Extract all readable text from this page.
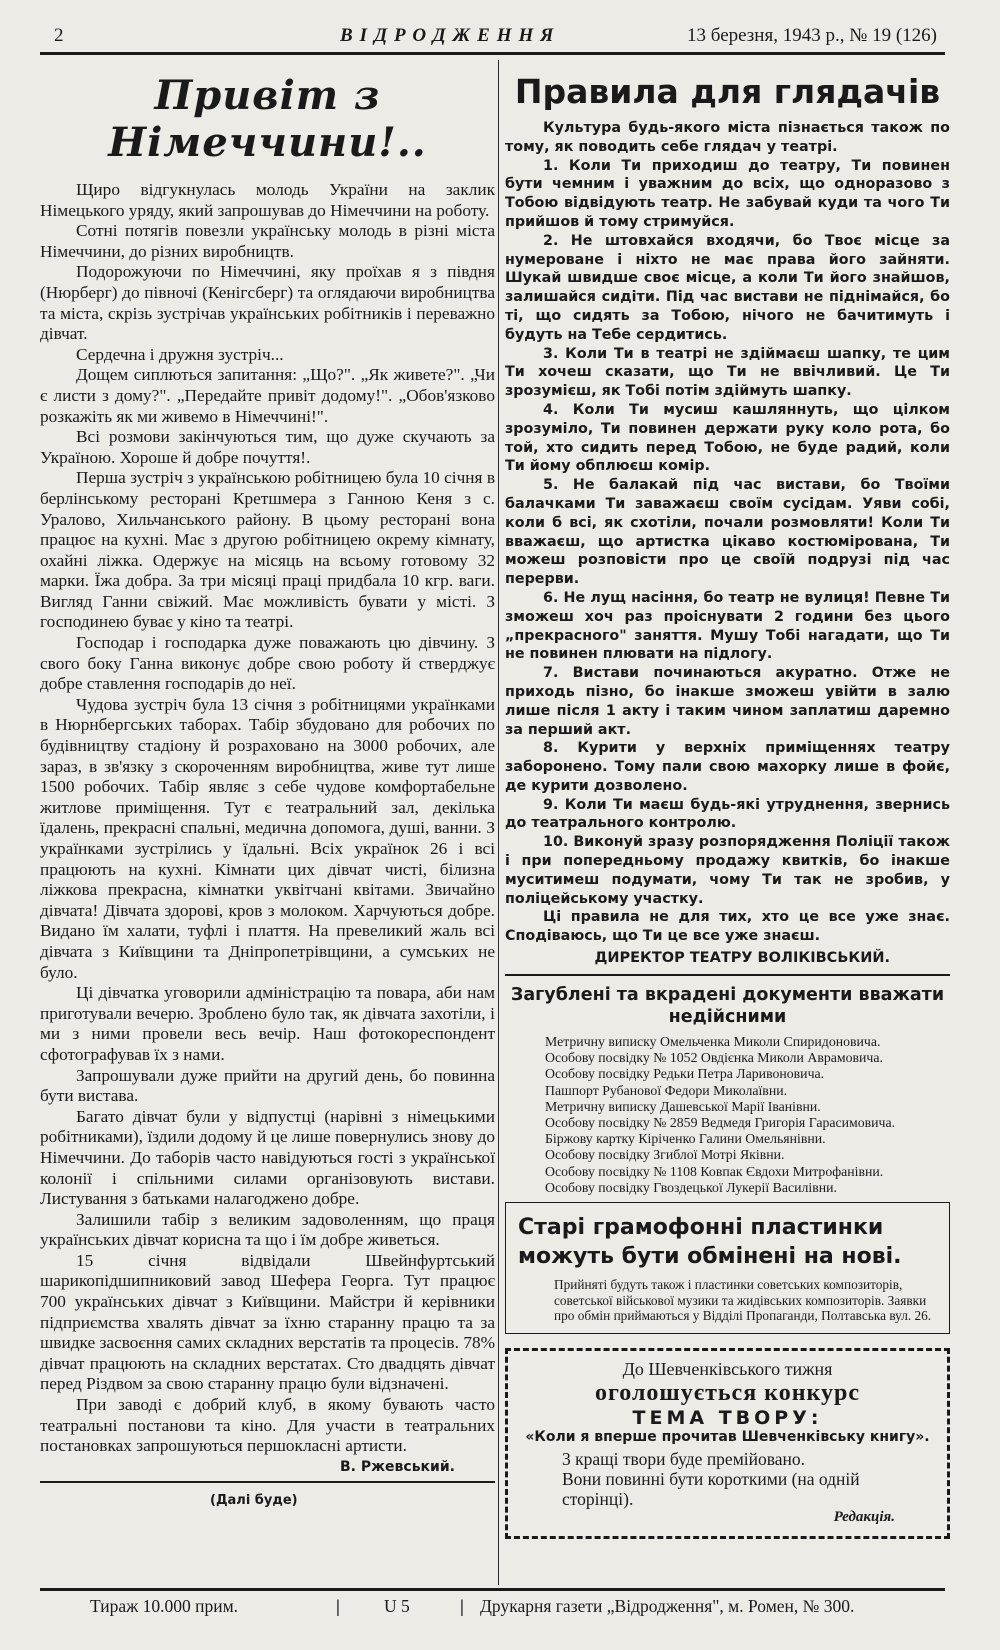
2	ВІДРОДЖЕННЯ	13 березня, 1943 р., № 19 (126)
Привіт з Німеччини!..

Щиро відгукнулась молодь України на заклик Німецького уряду, який запрошував до Німеччини на роботу.

Сотні потягів повезли українську молодь в різні міста Німеччини, до різних виробництв.

Подорожуючи по Німеччині, яку проїхав я з півдня (Нюрберг) до півночі (Кенігсберг) та оглядаючи виробництва та міста, скрізь зустрічав українських робітників і переважно дівчат.

Сердечна і дружня зустріч...

Дощем сиплються запитання: „Що?". „Як живете?". „Чи є листи з дому?". „Передайте привіт додому!". „Обов'язково розкажіть як ми живемо в Німеччині!".

Всі розмови закінчуються тим, що дуже скучають за Україною. Хороше й добре почуття!.

Перша зустріч з українською робітницею була 10 січня в берлінському ресторані Кретшмера з Ганною Кеня з с. Уралово, Хильчанського району. В цьому ресторані вона працює на кухні. Має з другою робітницею окрему кімнату, охайні ліжка. Одержує на місяць на всьому готовому 32 марки. Їжа добра. За три місяці праці придбала 10 кгр. ваги. Вигляд Ганни свіжий. Має можливість бувати у місті. З господинею буває у кіно та театрі.

Господар і господарка дуже поважають цю дівчину. З свого боку Ганна виконує добре свою роботу й стверджує добре ставлення господарів до неї.

Чудова зустріч була 13 січня з робітницями українками в Нюрнбергських таборах. Табір збудовано для робочих по будівництву стадіону й розраховано на 3000 робочих, але зараз, в зв'язку з скороченням виробництва, живе тут лише 1500 робочих. Табір являє з себе чудове комфортабельне житлове приміщення. Тут є театральний зал, декілька їдалень, прекрасні спальні, медична допомога, душі, ванни. З українками зустрілись у їдальні. Всіх українок 26 і всі працюють на кухні. Кімнати цих дівчат чисті, білизна ліжкова прекрасна, кімнатки уквітчані квітами. Звичайно дівчата! Дівчата здорові, кров з молоком. Харчуються добре. Видано їм халати, туфлі і плаття. На превеликий жаль всі дівчата з Київщини та Дніпропетрівщини, а сумських не було.

Ці дівчатка уговорили адміністрацію та повара, аби нам приготували вечерю. Зроблено було так, як дівчата захотіли, і ми з ними провели весь вечір. Наш фотокореспондент сфотографував їх з нами.

Запрошували дуже прийти на другий день, бо повинна бути вистава.

Багато дівчат були у відпустці (нарівні з німецькими робітниками), їздили додому й це лише повернулись знову до Німеччини. До таборів часто навідуються гості з української колонії і спільними силами організовують вистави. Листування з батьками налагоджено добре.

Залишили табір з великим задоволенням, що праця українських дівчат корисна та що і їм добре живеться.

15 січня відвідали Швейнфуртський шарикопідшипниковий завод Шефера Георга. Тут працює 700 українських дівчат з Київщини. Майстри й керівники підприємства хвалять дівчат за їхню старанну працю та за швидке засвоєння самих складних верстатів та процесів. 78% дівчат працюють на складних верстатах. Сто двадцять дівчат перед Різдвом за свою старанну працю були відзначені.

При заводі є добрий клуб, в якому бувають часто театральні постанови та кіно. Для участи в театральних постановках запрошуються першокласні артисти.

В. Ржевський.
(Далі буде)
Правила для глядачів

Культура будь-якого міста пізнається також по тому, як поводить себе глядач у театрі.

1. Коли Ти приходиш до театру, Ти повинен бути чемним і уважним до всіх, що одноразово з Тобою відвідують театр. Не забувай куди та чого Ти прийшов й тому стримуйся.

2. Не штовхайся входячи, бо Твоє місце за нумероване і ніхто не має права його зайняти. Шукай швидше своє місце, а коли Ти його знайшов, залишайся сидіти. Під час вистави не піднімайся, бо ті, що сидять за Тобою, нічого не бачитимуть і будуть на Тебе сердитись.

3. Коли Ти в театрі не здіймаєш шапку, те цим Ти хочеш сказати, що Ти не ввічливий. Це Ти зрозумієш, як Тобі потім здіймуть шапку.

4. Коли Ти мусиш кашляннуть, що цілком зрозуміло, Ти повинен держати руку коло рота, бо той, хто сидить перед Тобою, не буде радий, коли Ти йому обплюєш комір.

5. Не балакай під час вистави, бо Твоїми балачками Ти заважаєш своїм сусідам. Уяви собі, коли б всі, як схотіли, почали розмовляти! Коли Ти вважаєш, що артистка цікаво костюмірована, Ти можеш розповісти про це своїй подрузі під час перерви.

6. Не лущ насіння, бо театр не вулиця! Певне Ти зможеш хоч раз проіснувати 2 години без цього „прекрасного" заняття. Мушу Тобі нагадати, що Ти не повинен плювати на підлогу.

7. Вистави починаються акуратно. Отже не приходь пізно, бо інакше зможеш увійти в залю лише після 1 акту і таким чином заплатиш даремно за перший акт.

8. Курити у верхніх приміщеннях театру заборонено. Тому пали свою махорку лише в фойє, де курити дозволено.

9. Коли Ти маєш будь-які утруднення, звернись до театрального контролю.

10. Виконуй зразу розпорядження Поліції також і при попередньому продажу квитків, бо інакше муситимеш подумати, чому Ти так не зробив, у поліцейському участку.

Ці правила не для тих, хто це все уже знає. Сподіваюсь, що Ти це все уже знаєш.

ДИРЕКТОР ТЕАТРУ ВОЛІКІВСЬКИЙ.
Загублені та вкрадені документи вважати недійсними
Метричну виписку Омельченка Миколи Спиридоновича.
Особову посвідку № 1052 Овдієнка Миколи Аврамовича.
Особову посвідку Редьки Петра Ларивоновича.
Пашпорт Рубанової Федори Миколаївни.
Метричну виписку Дашевської Марії Іванівни.
Особову посвідку № 2859 Ведмедя Григорія Гарасимовича.
Біржову картку Кіріченко Галини Омельянівни.
Особову посвідку Згиблої Мотрі Яківни.
Особову посвідку № 1108 Ковпак Євдохи Митрофанівни.
Особову посвідку Гвоздецької Лукерії Василівни.
Старі грамофонні пластинки
можуть бути обмінені на нові.
Прийняті будуть також і пластинки советських композиторів, советської військової музики та жидівських композиторів. Заявки про обмін приймаються у Відділі Пропаганди, Полтавська вул. 26.
До Шевченківського тижня
оголошується конкурс
ТЕМА ТВОРУ:
«Коли я вперше прочитав Шевченківську книгу».
3 кращі твори буде премійовано.
Вони повинні бути короткими (на одній сторінці).
Редакція.
Тираж 10.000 прим.	|	U 5	| Друкарня газети „Відродження", м. Ромен, № 300.
